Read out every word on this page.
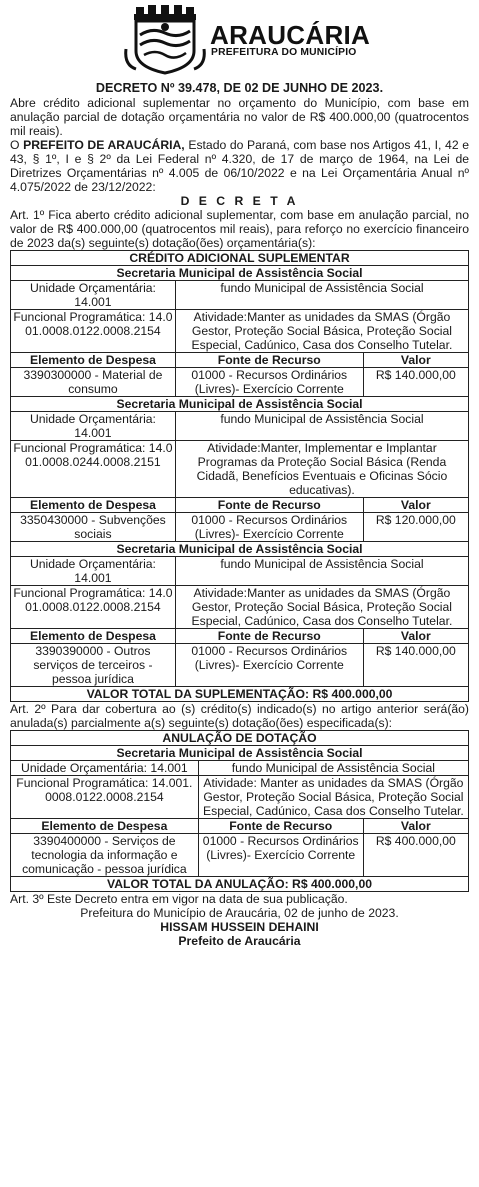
ARAUCÁRIA
PREFEITURA DO MUNICÍPIO
DECRETO Nº 39.478, DE 02 DE JUNHO DE 2023.

Abre crédito adicional suplementar no orçamento do Município, com base em anulação parcial de dotação orçamentária no valor de R$ 400.000,00 (quatrocentos mil reais).

O PREFEITO DE ARAUCÁRIA, Estado do Paraná, com base nos Artigos 41, I, 42 e 43, § 1º, I e § 2º da Lei Federal nº 4.320, de 17 de março de 1964, na Lei de Diretrizes Orçamentárias nº 4.005 de 06/10/2022 e na Lei Orçamentária Anual nº 4.075/2022 de 23/12/2022:

D E C R E T A

Art. 1º Fica aberto crédito adicional suplementar, com base em anulação parcial, no valor de R$ 400.000,00 (quatrocentos mil reais), para reforço no exercício financeiro de 2023 da(s) seguinte(s) dotação(ões) orçamentária(s):

CRÉDITO ADICIONAL SUPLEMENTAR		
Secretaria Municipal de Assistência Social		
Unidade Orçamentária: 14.001	fundo Municipal de Assistência Social	
Funcional Programática: 14.001.0008.0122.0008.2154	Atividade:Manter as unidades da SMAS (Órgão Gestor, Proteção Social Básica, Proteção Social Especial, Cadúnico, Casa dos Conselho Tutelar.	
Elemento de Despesa	Fonte de Recurso	Valor
3390300000 - Material de consumo	01000 - Recursos Ordinários (Livres)- Exercício Corrente	R$ 140.000,00
Secretaria Municipal de Assistência Social		
Unidade Orçamentária: 14.001	fundo Municipal de Assistência Social	
Funcional Programática: 14.001.0008.0244.0008.2151	Atividade:Manter, Implementar e Implantar Programas da Proteção Social Básica (Renda Cidadã, Benefícios Eventuais e Oficinas Sócio educativas).	
Elemento de Despesa	Fonte de Recurso	Valor
3350430000 - Subvenções sociais	01000 - Recursos Ordinários (Livres)- Exercício Corrente	R$ 120.000,00
Secretaria Municipal de Assistência Social		
Unidade Orçamentária: 14.001	fundo Municipal de Assistência Social	
Funcional Programática: 14.001.0008.0122.0008.2154	Atividade:Manter as unidades da SMAS (Órgão Gestor, Proteção Social Básica, Proteção Social Especial, Cadúnico, Casa dos Conselho Tutelar.	
Elemento de Despesa	Fonte de Recurso	Valor
3390390000 - Outros serviços de terceiros - pessoa jurídica	01000 - Recursos Ordinários (Livres)- Exercício Corrente	R$ 140.000,00
VALOR TOTAL DA SUPLEMENTAÇÃO: R$ 400.000,00		

Art. 2º Para dar cobertura ao (s) crédito(s) indicado(s) no artigo anterior será(ão) anulada(s) parcialmente a(s) seguinte(s) dotação(ões) especificada(s):

ANULAÇÃO DE DOTAÇÃO		
Secretaria Municipal de Assistência Social		
Unidade Orçamentária: 14.001	fundo Municipal de Assistência Social	
Funcional Programática: 14.001.0008.0122.0008.2154	Atividade: Manter as unidades da SMAS (Órgão Gestor, Proteção Social Básica, Proteção Social Especial, Cadúnico, Casa dos Conselho Tutelar.	
Elemento de Despesa	Fonte de Recurso	Valor
3390400000 - Serviços de tecnologia da informação e comunicação - pessoa jurídica	01000 - Recursos Ordinários (Livres)- Exercício Corrente	R$ 400.000,00
VALOR TOTAL DA ANULAÇÃO: R$ 400.000,00		

Art. 3º Este Decreto entra em vigor na data de sua publicação.

Prefeitura do Município de Araucária, 02 de junho de 2023.
HISSAM HUSSEIN DEHAINI
Prefeito de Araucária
